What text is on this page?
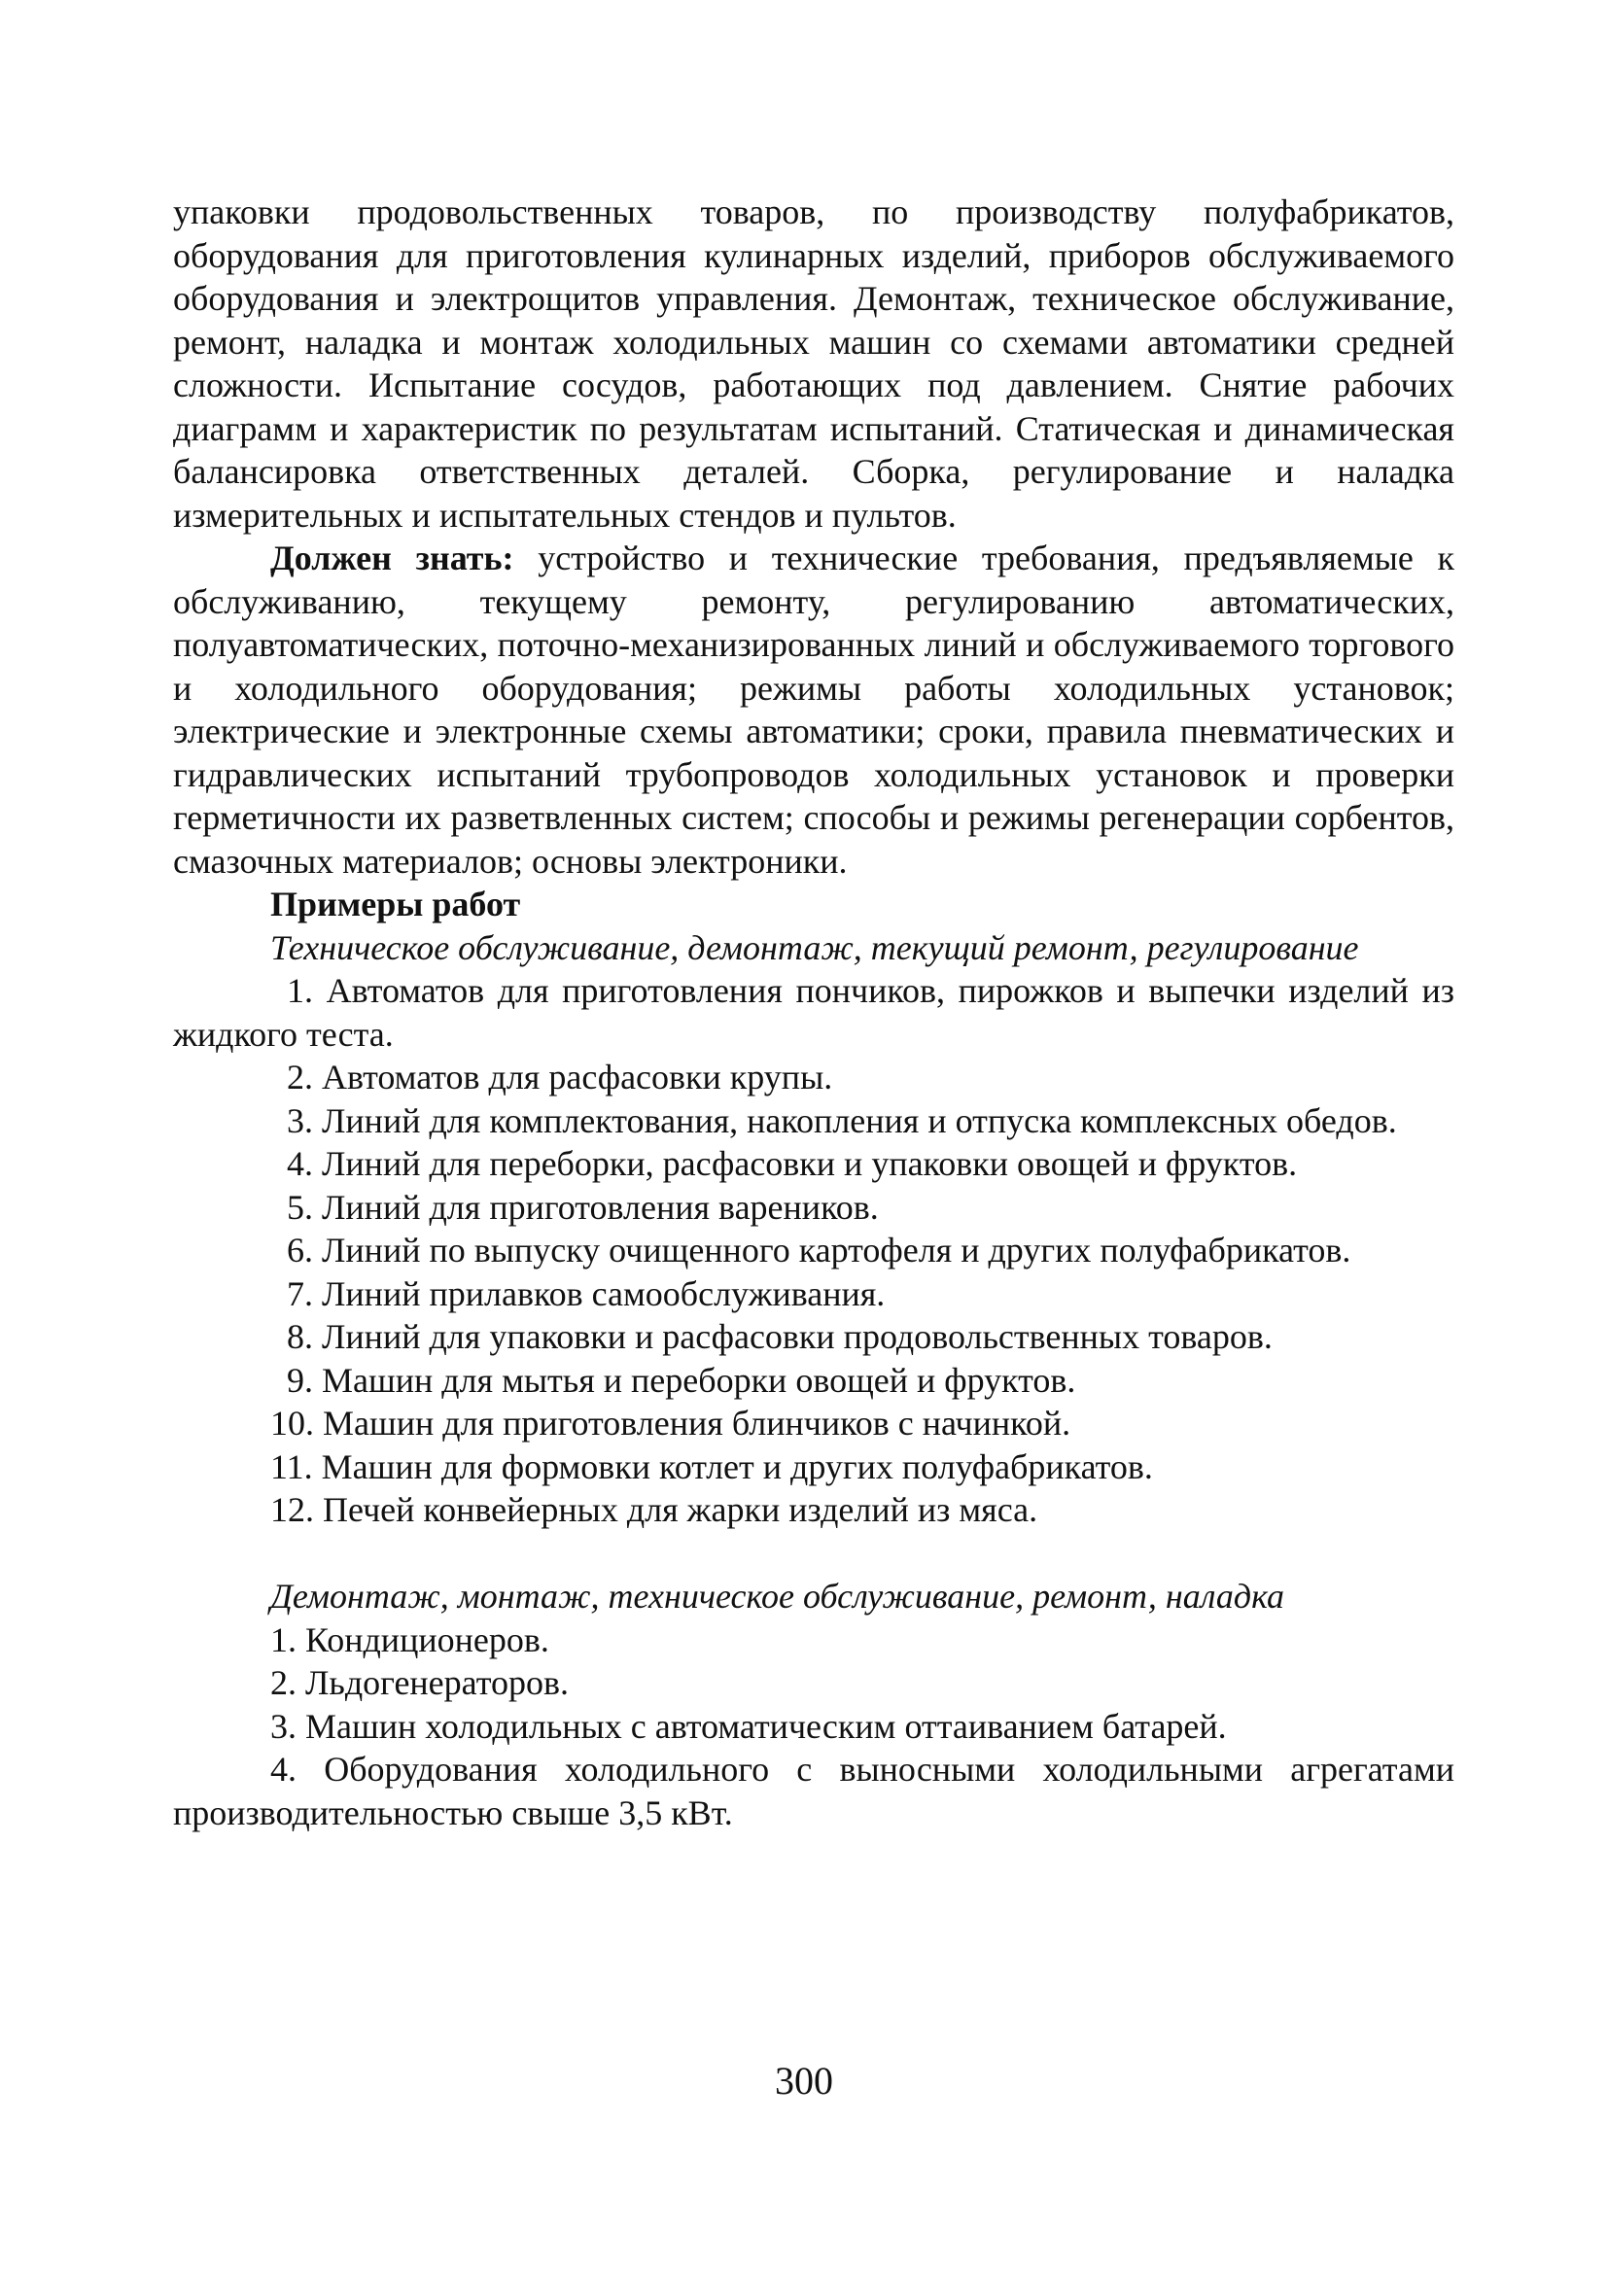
упаковки продовольственных товаров, по производству полуфабрикатов, оборудования для приготовления кулинарных изделий, приборов обслуживаемого оборудования и электрощитов управления. Демонтаж, техническое обслуживание, ремонт, наладка и монтаж холодильных машин со схемами автоматики средней сложности. Испытание сосудов, работающих под давлением. Снятие рабочих диаграмм и характеристик по результатам испытаний. Статическая и динамическая балансировка ответственных деталей. Сборка, регулирование и наладка измерительных и испытательных стендов и пультов.

Должен знать: устройство и технические требования, предъявляемые к обслуживанию, текущему ремонту, регулированию автоматических, полуавтоматических, поточно-механизированных линий и обслуживаемого торгового и холодильного оборудования; режимы работы холодильных установок; электрические и электронные схемы автоматики; сроки, правила пневматических и гидравлических испытаний трубопроводов холодильных установок и проверки герметичности их разветвленных систем; способы и режимы регенерации сорбентов, смазочных материалов; основы электроники.

Примеры работ

Техническое обслуживание, демонтаж, текущий ремонт, регулирование

1. Автоматов для приготовления пончиков, пирожков и выпечки изделий из жидкого теста.

2. Автоматов для расфасовки крупы.

3. Линий для комплектования, накопления и отпуска комплексных обедов.

4. Линий для переборки, расфасовки и упаковки овощей и фруктов.

5. Линий для приготовления вареников.

6. Линий по выпуску очищенного картофеля и других полуфабрикатов.

7. Линий прилавков самообслуживания.

8. Линий для упаковки и расфасовки продовольственных товаров.

9. Машин для мытья и переборки овощей и фруктов.

10. Машин для приготовления блинчиков с начинкой.

11. Машин для формовки котлет и других полуфабрикатов.

12. Печей конвейерных для жарки изделий из мяса.

Демонтаж, монтаж, техническое обслуживание, ремонт, наладка

1. Кондиционеров.

2. Льдогенераторов.

3. Машин холодильных с автоматическим оттаиванием батарей.

4. Оборудования холодильного с выносными холодильными агрегатами производительностью свыше 3,5 кВт.

300
